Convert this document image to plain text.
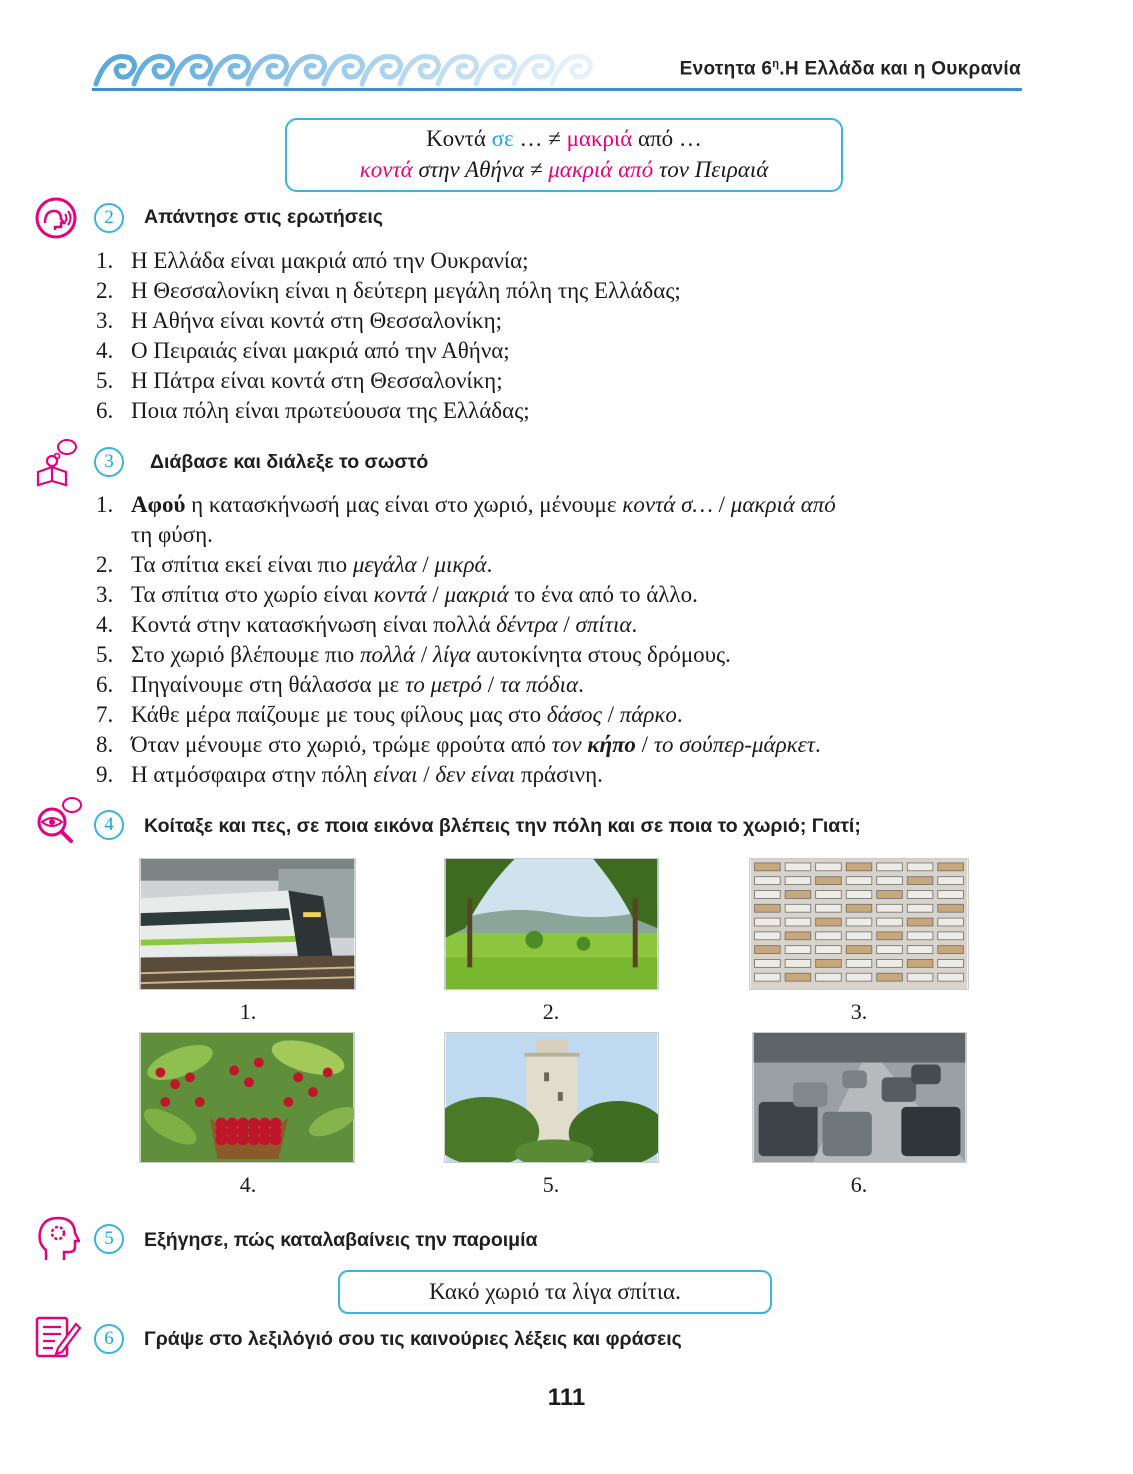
Ενοτητα $6^\eta.H$ Ελλάδα και η Ουκρανία
Κοντά σε … ≠ μακριά από …
κοντά στην Αθήνα ≠ μακριά από τον Πειραιά
2	Απάντησε στις ερωτήσεις
1. Η Ελλάδα είναι μακριά από την Ουκρανία;
2. Η Θεσσαλονίκη είναι η δεύτερη μεγάλη πόλη της Ελλάδας;
3. Η Αθήνα είναι κοντά στη Θεσσαλονίκη;
4. Ο Πειραιάς είναι μακριά από την Αθήνα;
5. Η Πάτρα είναι κοντά στη Θεσσαλονίκη;
6. Ποια πόλη είναι πρωτεύουσα της Ελλάδας;
3	Διάβασε και διάλεξε το σωστό
1. Αφού η κατασκήνωσή μας είναι στο χωριό, μένουμε κοντά σ… / μακριά από
τη φύση.
2. Τα σπίτια εκεί είναι πιο μεγάλα / μικρά.
3. Τα σπίτια στο χωρίο είναι κοντά / μακριά το ένα από το άλλο.
4. Κοντά στην κατασκήνωση είναι πολλά δέντρα / σπίτια.
5. Στο χωριό βλέπουμε πιο πολλά / λίγα αυτοκίνητα στους δρόμους.
6. Πηγαίνουμε στη θάλασσα με το μετρό / τα πόδια.
7. Κάθε μέρα παίζουμε με τους φίλους μας στο δάσος / πάρκο.
8. Όταν μένουμε στο χωριό, τρώμε φρούτα από τον κήπο / το σούπερ-μάρκετ.
9. Η ατμόσφαιρα στην πόλη είναι / δεν είναι πράσινη.
4	Κοίταξε και πες, σε ποια εικόνα βλέπεις την πόλη και σε ποια το χωριό; Γιατί;
1.	2.	3.
4.	5.	6.
5	Εξήγησε, πώς καταλαβαίνεις την παροιμία
Κακό χωριό τα λίγα σπίτια.
6	Γράψε στο λεξιλόγιό σου τις καινούριες λέξεις και φράσεις
111
